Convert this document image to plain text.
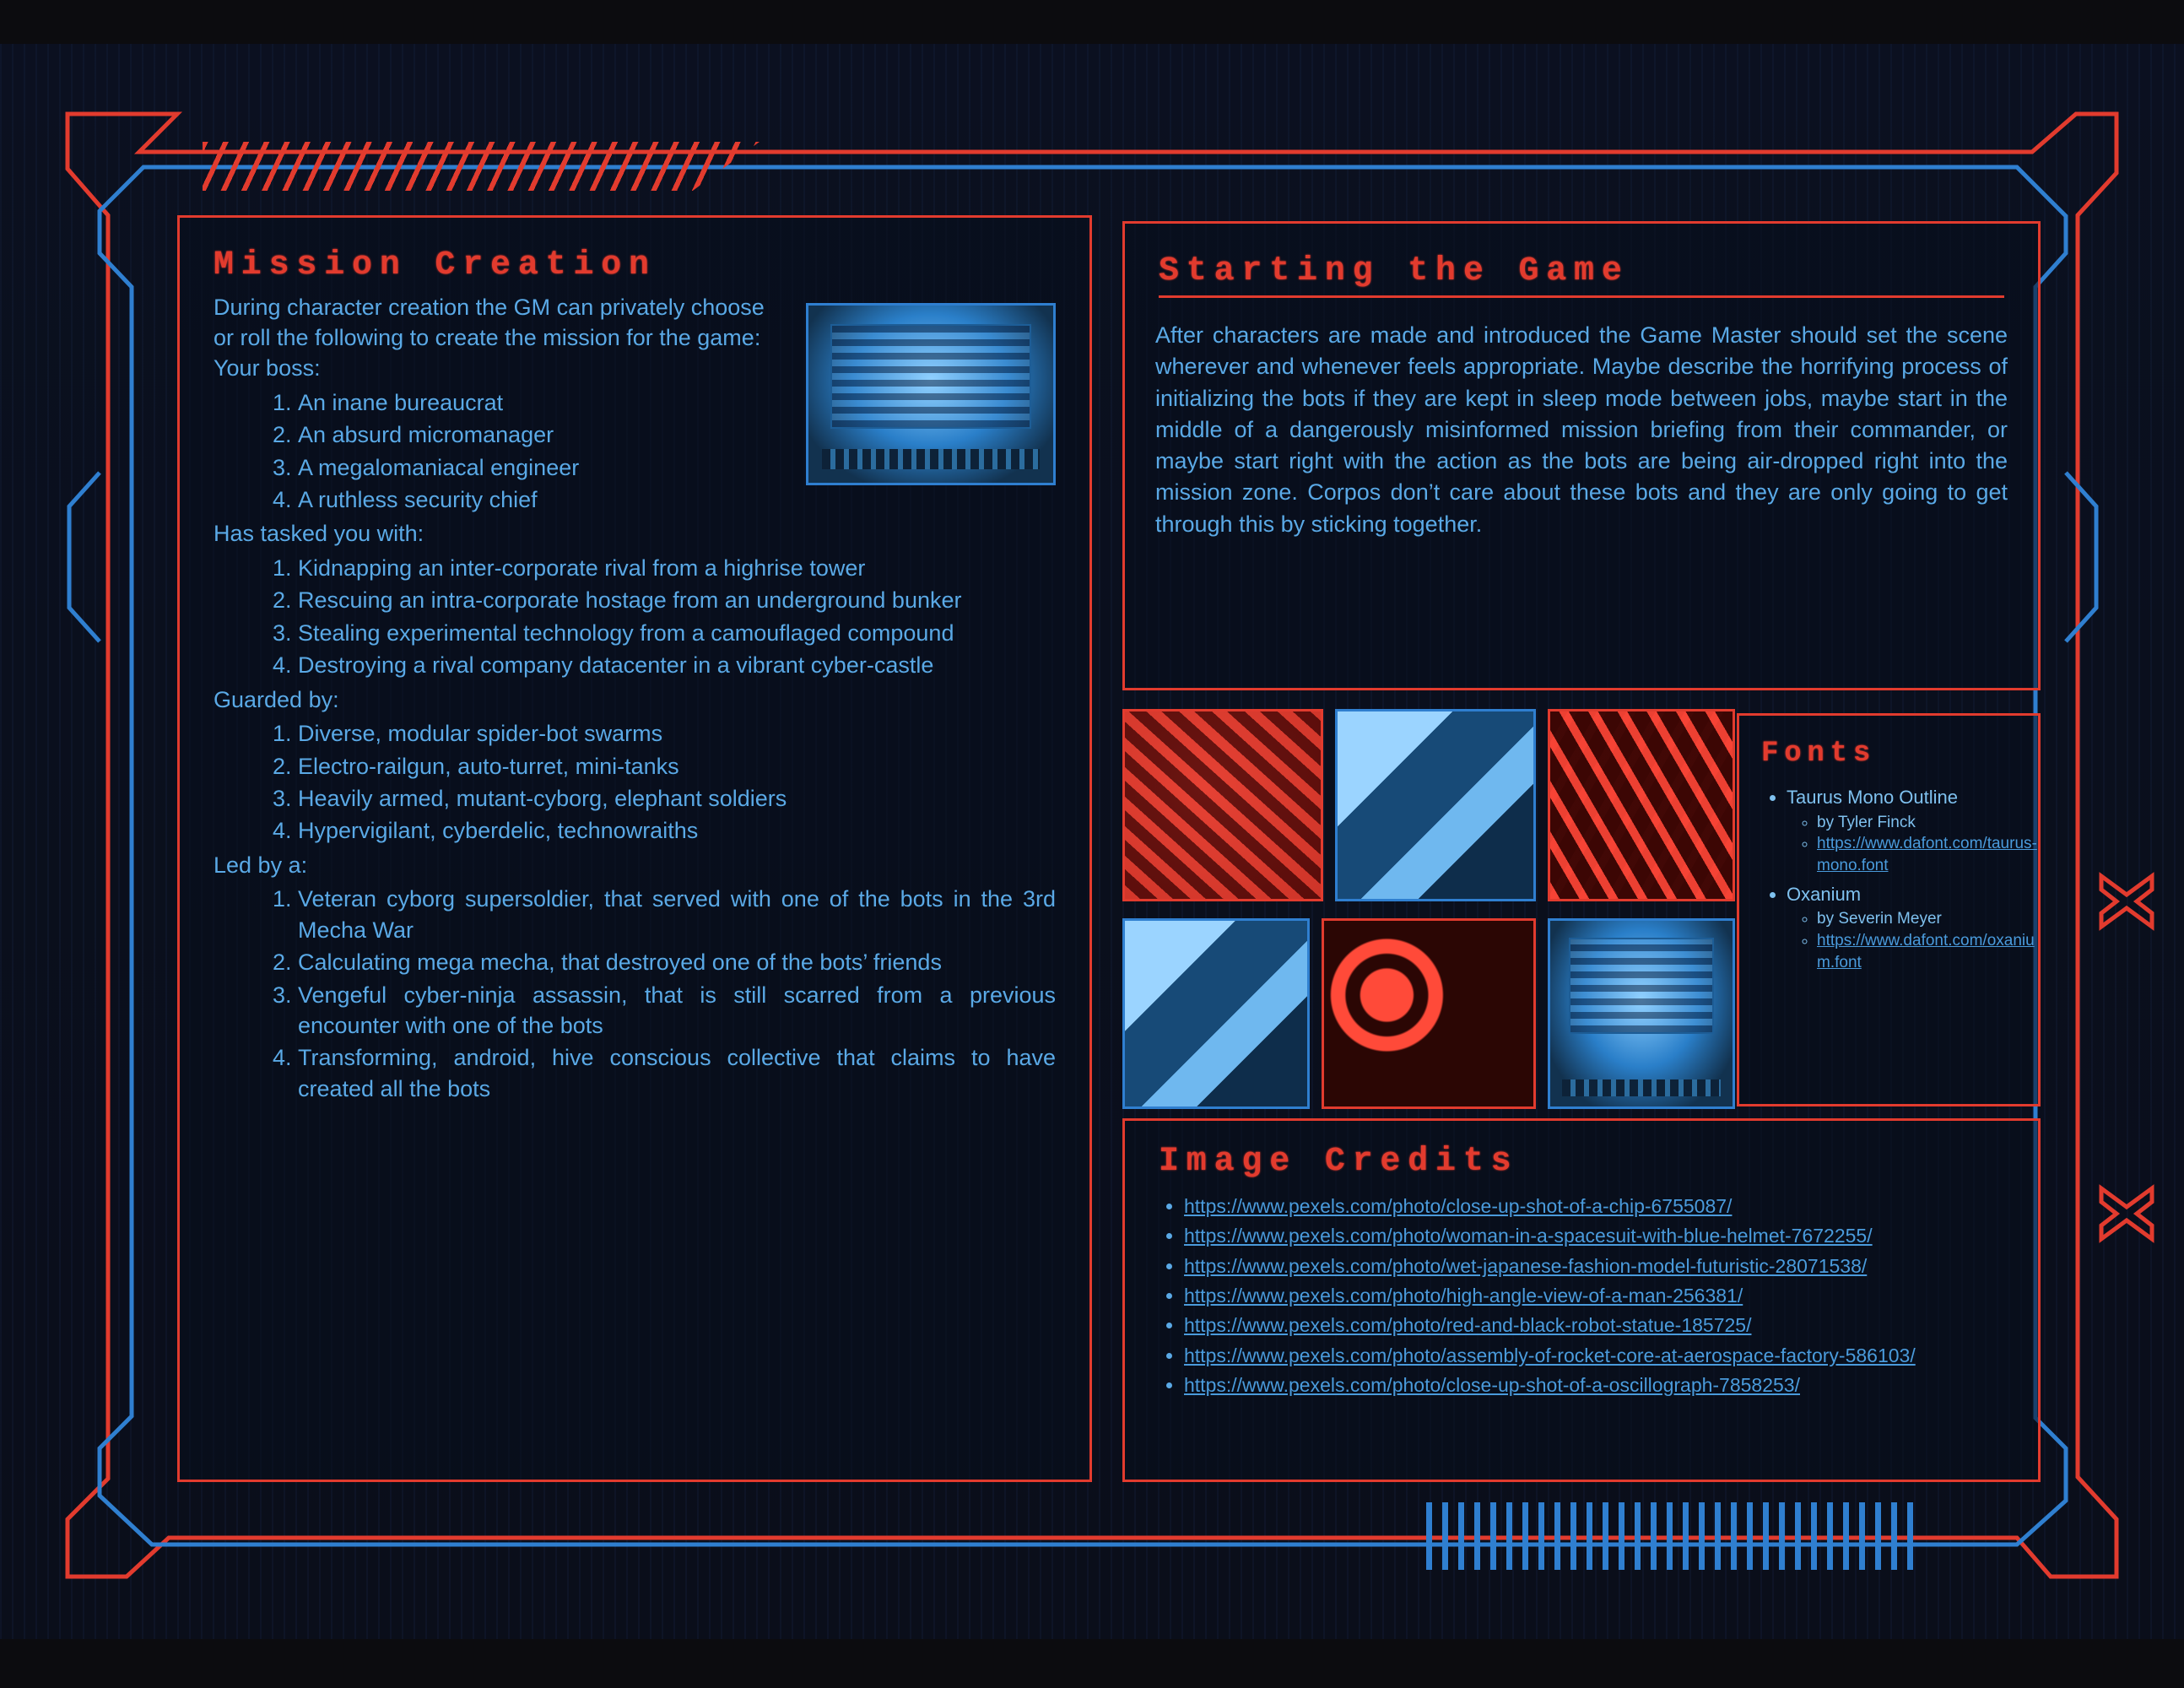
Mission Creation

During character creation the GM can privately choose or roll the following to create the mission for the game:

Your boss:

1. An inane bureaucrat
2. An absurd micromanager
3. A megalomaniacal engineer
4. A ruthless security chief

Has tasked you with:

1. Kidnapping an inter-corporate rival from a highrise tower
2. Rescuing an intra-corporate hostage from an underground bunker
3. Stealing experimental technology from a camouflaged compound
4. Destroying a rival company datacenter in a vibrant cyber-castle

Guarded by:

1. Diverse, modular spider-bot swarms
2. Electro-railgun, auto-turret, mini-tanks
3. Heavily armed, mutant-cyborg, elephant soldiers
4. Hypervigilant, cyberdelic, technowraiths

Led by a:

1. Veteran cyborg supersoldier, that served with one of the bots in the 3rd Mecha War
2. Calculating mega mecha, that destroyed one of the bots’ friends
3. Vengeful cyber-ninja assassin, that is still scarred from a previous encounter with one of the bots
4. Transforming, android, hive conscious collective that claims to have created all the bots
Starting the Game

After characters are made and introduced the Game Master should set the scene wherever and whenever feels appropriate. Maybe describe the horrifying process of initializing the bots if they are kept in sleep mode between jobs, maybe start in the middle of a dangerously misinformed mission briefing from their commander, or maybe start right with the action as the bots are being air-dropped right into the mission zone. Corpos don’t care about these bots and they are only going to get through this by sticking together.

Fonts
• Taurus Mono Outline
◦ by Tyler Finck
◦ https://www.dafont.com/taurus-mono.font
• Oxanium
◦ by Severin Meyer
◦ https://www.dafont.com/oxanium.font
Image Credits
• https://www.pexels.com/photo/close-up-shot-of-a-chip-6755087/
• https://www.pexels.com/photo/woman-in-a-spacesuit-with-blue-helmet-7672255/
• https://www.pexels.com/photo/wet-japanese-fashion-model-futuristic-28071538/
• https://www.pexels.com/photo/high-angle-view-of-a-man-256381/
• https://www.pexels.com/photo/red-and-black-robot-statue-185725/
• https://www.pexels.com/photo/assembly-of-rocket-core-at-aerospace-factory-586103/
• https://www.pexels.com/photo/close-up-shot-of-a-oscillograph-7858253/
